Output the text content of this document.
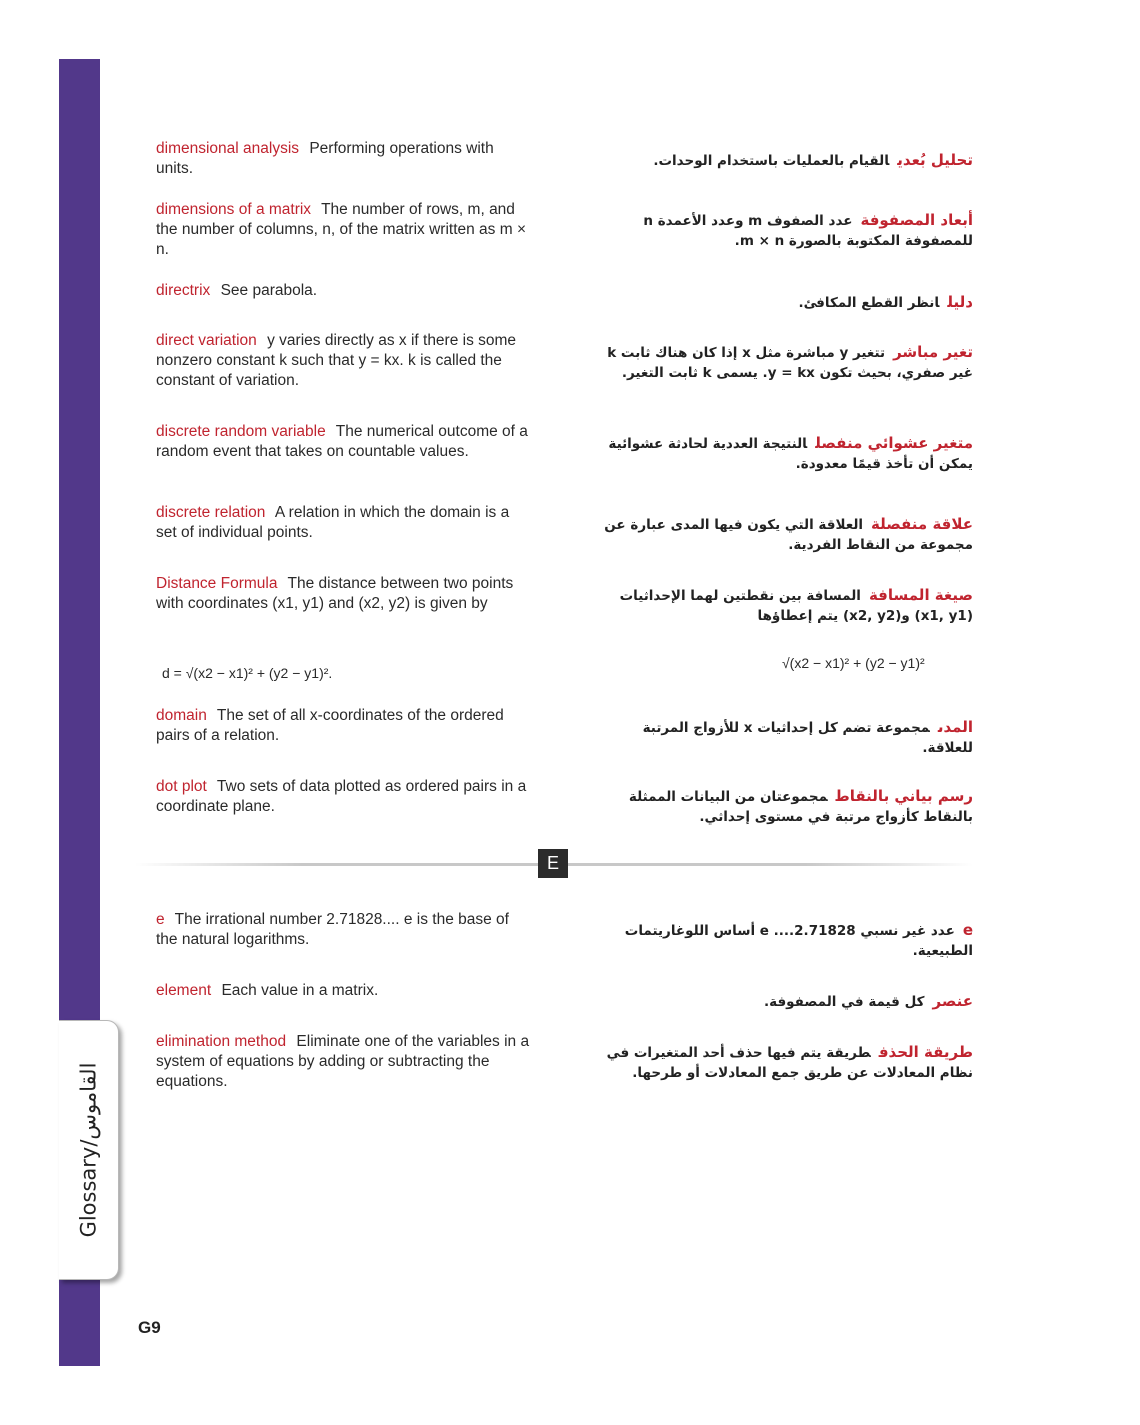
Glossary/القاموس
dimensional analysis Performing operations with units.
dimensions of a matrix The number of rows, m, and the number of columns, n, of the matrix written as m × n.
directrix See parabola.
direct variation y varies directly as x if there is some nonzero constant k such that y = kx. k is called the constant of variation.
discrete random variable The numerical outcome of a random event that takes on countable values.
discrete relation A relation in which the domain is a set of individual points.
Distance Formula The distance between two points with coordinates (x1, y1) and (x2, y2) is given by
d = √(x2 − x1)² + (y2 − y1)².
domain The set of all x-coordinates of the ordered pairs of a relation.
dot plot Two sets of data plotted as ordered pairs in a coordinate plane.
تحليل بُعديالقيام بالعمليات باستخدام الوحدات.
أبعاد المصفوفةعدد الصفوف m وعدد الأعمدة n للمصفوفة المكتوبة بالصورة m × n.
دليلانظر القطع المكافئ.
تغير مباشرتتغير y مباشرة مثل x إذا كان هناك ثابت k غير صفري، بحيث تكون y = kx. يسمى k ثابت التغير.
متغير عشوائي منفصلالنتيجة العددية لحادثة عشوائية يمكن أن تأخذ قيمًا معدودة.
علاقة منفصلةالعلاقة التي يكون فيها المدى عبارة عن مجموعة من النقاط الفردية.
صيغة المسافةالمسافة بين نقطتين لهما الإحداثيات (x1, y1) و(x2, y2) يتم إعطاؤها
√(x2 − x1)² + (y2 − y1)²
المدىمجموعة تضم كل إحداثيات x للأزواج المرتبة للعلاقة.
رسم بياني بالنقاطمجموعتان من البيانات الممثلة بالنقاط كأزواج مرتبة في مستوى إحداثي.
E
e The irrational number 2.71828.... e is the base of the natural logarithms.
element Each value in a matrix.
elimination method Eliminate one of the variables in a system of equations by adding or subtracting the equations.
eعدد غير نسبي e ....2.71828 أساس اللوغاريتمات الطبيعية.
عنصركل قيمة في المصفوفة.
طريقة الحذفطريقة يتم فيها حذف أحد المتغيرات في نظام المعادلات عن طريق جمع المعادلات أو طرحها.
G9
